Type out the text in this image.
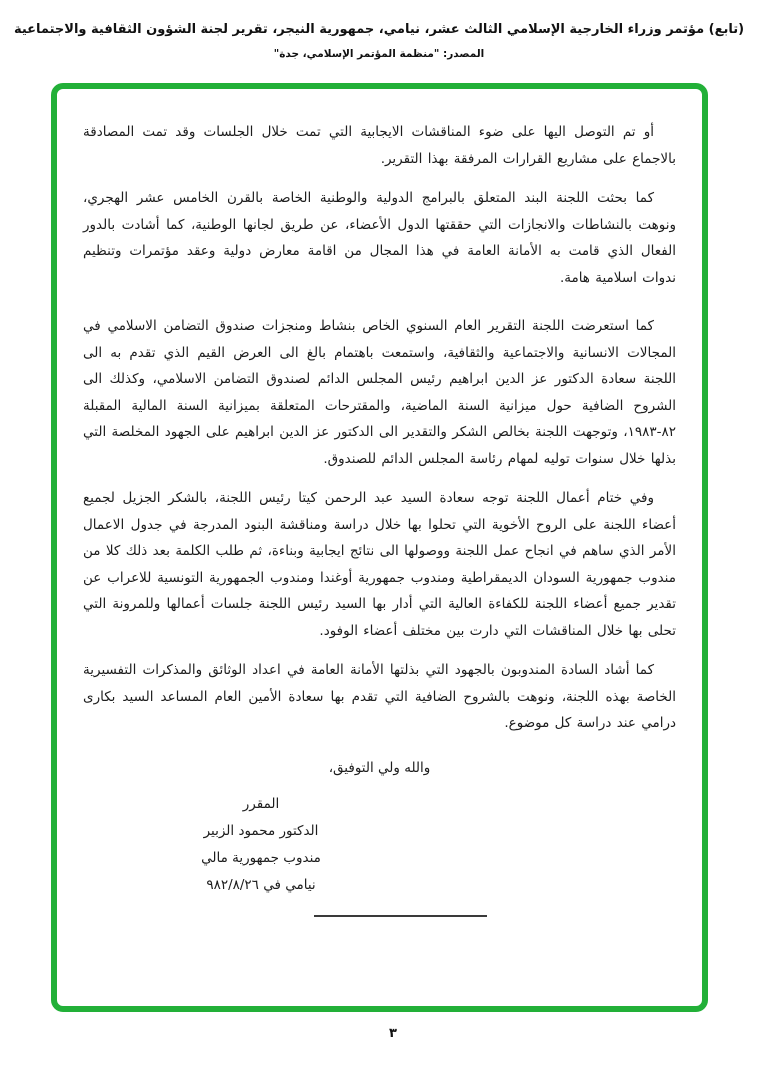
(تابع) مؤتمر وزراء الخارجية الإسلامي الثالث عشر، نيامي، جمهورية النيجر، تقرير لجنة الشؤون الثقافية والاجتماعية
المصدر: "منظمة المؤتمر الإسلامي، جدة"

أو تم التوصل اليها على ضوء المناقشات الايجابية التي تمت خلال الجلسات وقد تمت المصادقة بالاجماع على مشاريع القرارات المرفقة بهذا التقرير.

كما بحثت اللجنة البند المتعلق بالبرامج الدولية والوطنية الخاصة بالقرن الخامس عشر الهجري، ونوهت بالنشاطات والانجازات التي حققتها الدول الأعضاء، عن طريق لجانها الوطنية، كما أشادت بالدور الفعال الذي قامت به الأمانة العامة في هذا المجال من اقامة معارض دولية وعقد مؤتمرات وتنظيم ندوات اسلامية هامة.

كما استعرضت اللجنة التقرير العام السنوي الخاص بنشاط ومنجزات صندوق التضامن الاسلامي في المجالات الانسانية والاجتماعية والثقافية، واستمعت باهتمام بالغ الى العرض القيم الذي تقدم به الى اللجنة سعادة الدكتور عز الدين ابراهيم رئيس المجلس الدائم لصندوق التضامن الاسلامي، وكذلك الى الشروح الضافية حول ميزانية السنة الماضية، والمقترحات المتعلقة بميزانية السنة المالية المقبلة ٨٢-١٩٨٣، وتوجهت اللجنة بخالص الشكر والتقدير الى الدكتور عز الدين ابراهيم على الجهود المخلصة التي بذلها خلال سنوات توليه لمهام رئاسة المجلس الدائم للصندوق.

وفي ختام أعمال اللجنة توجه سعادة السيد عبد الرحمن كيتا رئيس اللجنة، بالشكر الجزيل لجميع أعضاء اللجنة على الروح الأخوية التي تحلوا بها خلال دراسة ومناقشة البنود المدرجة في جدول الاعمال الأمر الذي ساهم في انجاح عمل اللجنة ووصولها الى نتائج ايجابية وبناءة، ثم طلب الكلمة بعد ذلك كلا من مندوب جمهورية السودان الديمقراطية ومندوب جمهورية أوغندا ومندوب الجمهورية التونسية للاعراب عن تقدير جميع أعضاء اللجنة للكفاءة العالية التي أدار بها السيد رئيس اللجنة جلسات أعمالها وللمرونة التي تحلى بها خلال المناقشات التي دارت بين مختلف أعضاء الوفود.

كما أشاد السادة المندوبون بالجهود التي بذلتها الأمانة العامة في اعداد الوثائق والمذكرات التفسيرية الخاصة بهذه اللجنة، ونوهت بالشروح الضافية التي تقدم بها سعادة الأمين العام المساعد السيد بكارى درامي عند دراسة كل موضوع.

والله ولي التوفيق،
المقرر
الدكتور محمود الزبير
مندوب جمهورية مالي
نيامي في ٩٨٢/٨/٢٦
٣
